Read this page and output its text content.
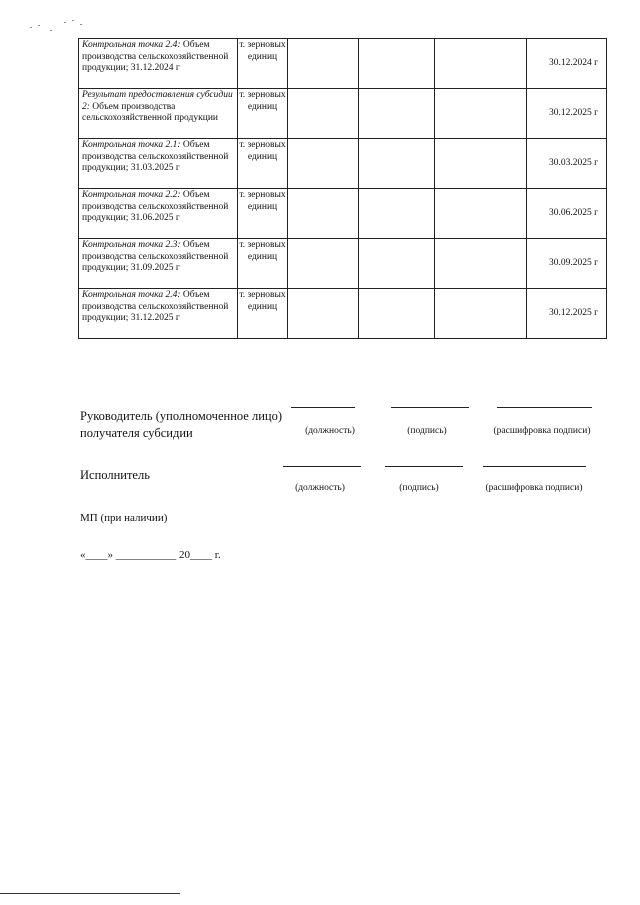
Контрольная точка 2.4: Объем производства сельскохозяйственной продукции; 31.12.2024 г	т. зерновых единиц				30.12.2024 г
Результат предоставления субсидии 2: Объем производства сельскохозяйственной продукции	т. зерновых единиц				30.12.2025 г
Контрольная точка 2.1: Объем производства сельскохозяйственной продукции; 31.03.2025 г	т. зерновых единиц				30.03.2025 г
Контрольная точка 2.2: Объем производства сельскохозяйственной продукции; 31.06.2025 г	т. зерновых единиц				30.06.2025 г
Контрольная точка 2.3: Объем производства сельскохозяйственной продукции; 31.09.2025 г	т. зерновых единиц				30.09.2025 г
Контрольная точка 2.4: Объем производства сельскохозяйственной продукции; 31.12.2025 г	т. зерновых единиц				30.12.2025 г
Руководитель (уполномоченное лицо)
получателя субсидии	(должность)	(подпись)	(расшифровка подписи)
Исполнитель
(должность)	(подпись)	(расшифровка подписи)
МП (при наличии)
«____» ___________ 20____ г.
